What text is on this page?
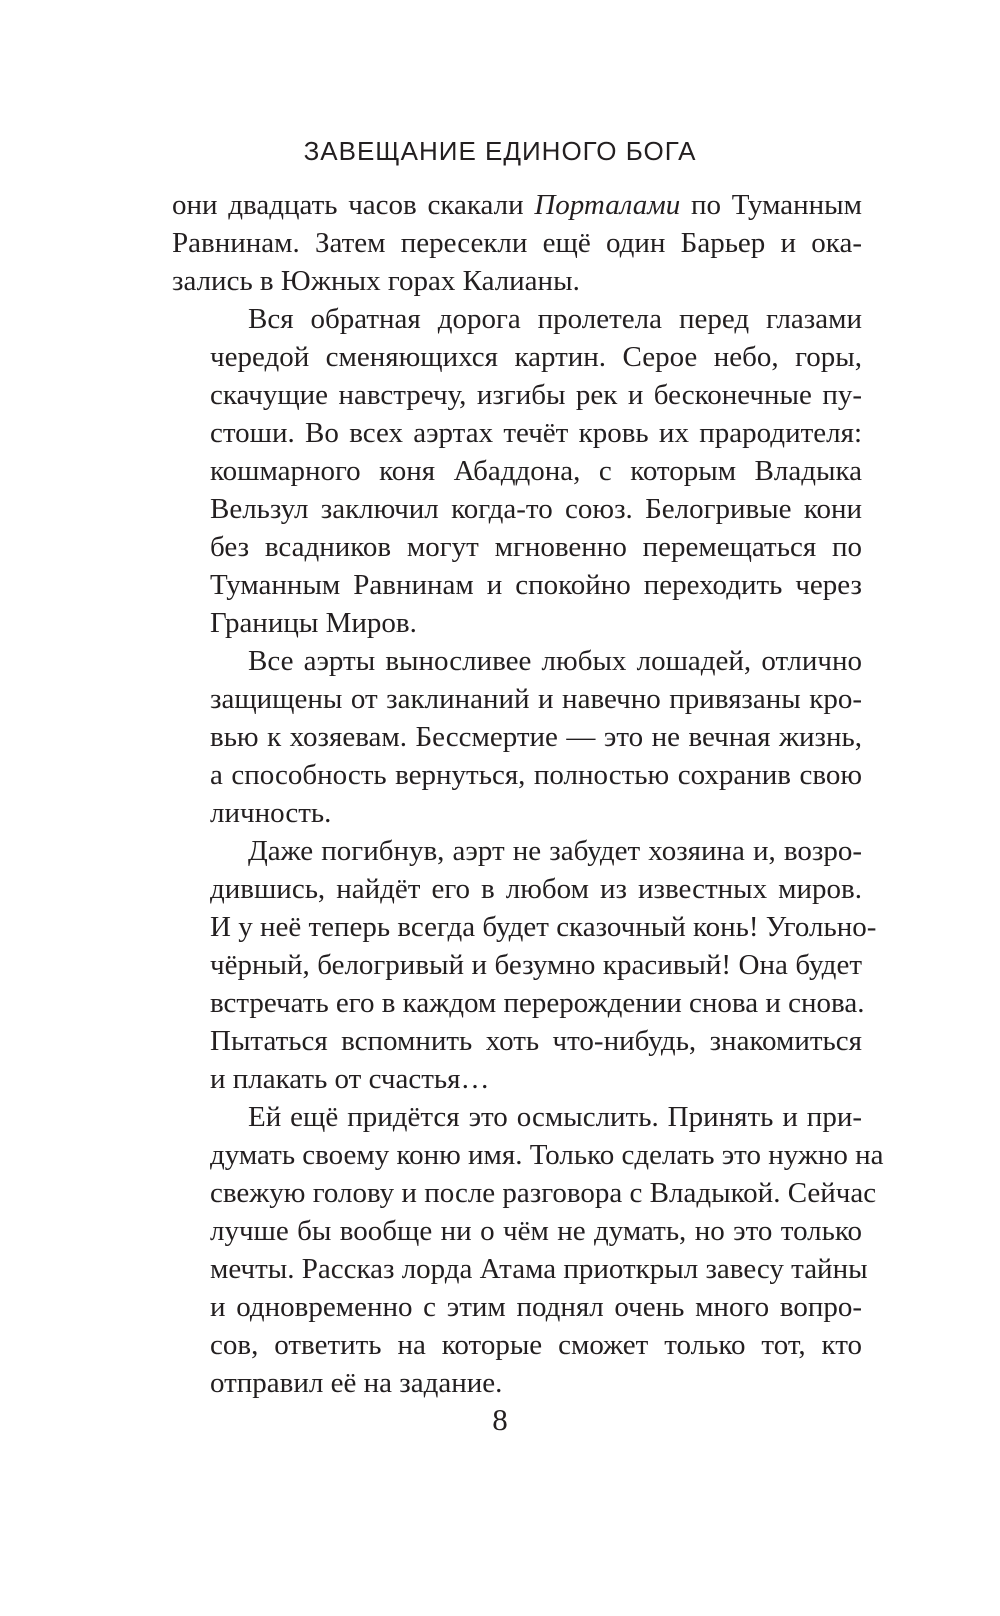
ЗАВЕЩАНИЕ ЕДИНОГО БОГА

они двадцать часов скакали Порталами по Туманным
Равнинам. Затем пересекли ещё один Барьер и ока-
зались в Южных горах Калианы.

Вся обратная дорога пролетела перед глазами
чередой сменяющихся картин. Серое небо, горы,
скачущие навстречу, изгибы рек и бесконечные пу-
стоши. Во всех аэртах течёт кровь их прародителя:
кошмарного коня Абаддона, с которым Владыка
Вельзул заключил когда-то союз. Белогривые кони
без всадников могут мгновенно перемещаться по
Туманным Равнинам и спокойно переходить через
Границы Миров.

Все аэрты выносливее любых лошадей, отлично
защищены от заклинаний и навечно привязаны кро-
вью к хозяевам. Бессмертие — это не вечная жизнь,
а способность вернуться, полностью сохранив свою
личность.

Даже погибнув, аэрт не забудет хозяина и, возро-
дившись, найдёт его в любом из известных миров.
И у неё теперь всегда будет сказочный конь! Угольно-
чёрный, белогривый и безумно красивый! Она будет
встречать его в каждом перерождении снова и снова.
Пытаться вспомнить хоть что-нибудь, знакомиться
и плакать от счастья…

Ей ещё придётся это осмыслить. Принять и при-
думать своему коню имя. Только сделать это нужно на
свежую голову и после разговора с Владыкой. Сейчас
лучше бы вообще ни о чём не думать, но это только
мечты. Рассказ лорда Атама приоткрыл завесу тайны
и одновременно с этим поднял очень много вопро-
сов, ответить на которые сможет только тот, кто
отправил её на задание.

8
